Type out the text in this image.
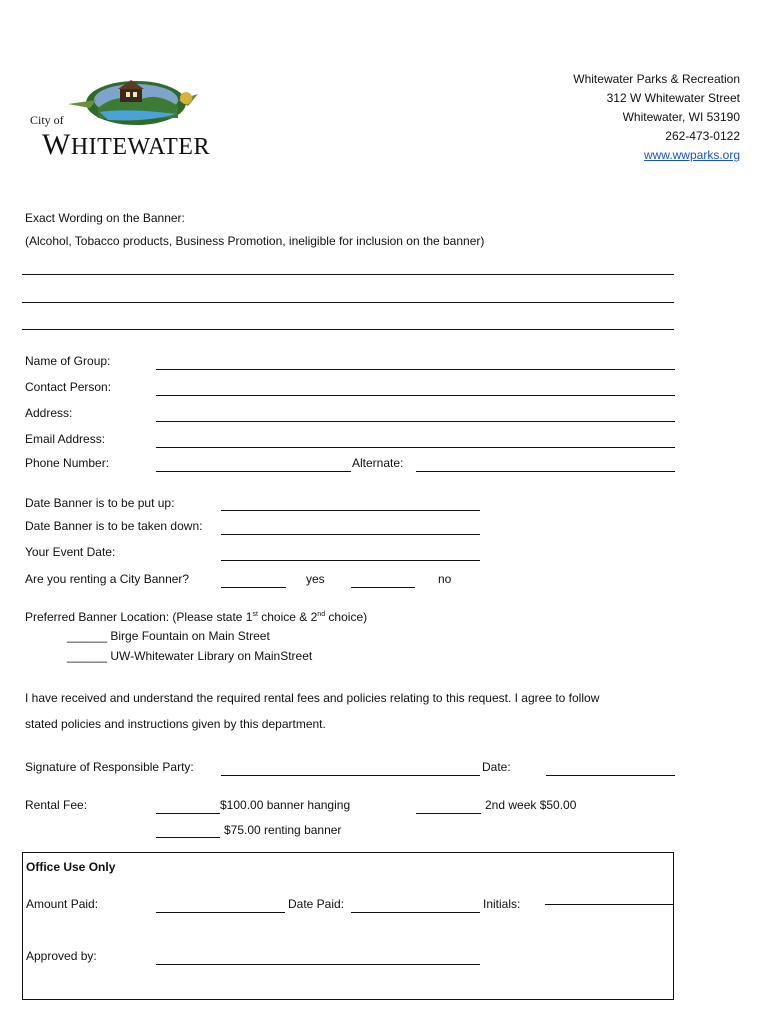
City of
WHITEWATER
Whitewater Parks & Recreation
312 W Whitewater Street
Whitewater, WI 53190
262-473-0122
www.wwparks.org
Exact Wording on the Banner:
(Alcohol, Tobacco products, Business Promotion, ineligible for inclusion on the banner)
Name of Group:
Contact Person:
Address:
Email Address:
Phone Number:	Alternate:
Date Banner is to be put up:
Date Banner is to be taken down:
Your Event Date:
Are you renting a City Banner?	yes	no
Preferred Banner Location: (Please state 1st choice & 2nd choice)
______ Birge Fountain on Main Street
______ UW-Whitewater Library on MainStreet
I have received and understand the required rental fees and policies relating to this request. I agree to follow
stated policies and instructions given by this department.
Signature of Responsible Party:	Date:
Rental Fee:	$100.00 banner hanging	2nd week $50.00
$75.00 renting banner
Office Use Only
Amount Paid:	Date Paid:	Initials:
Approved by:
